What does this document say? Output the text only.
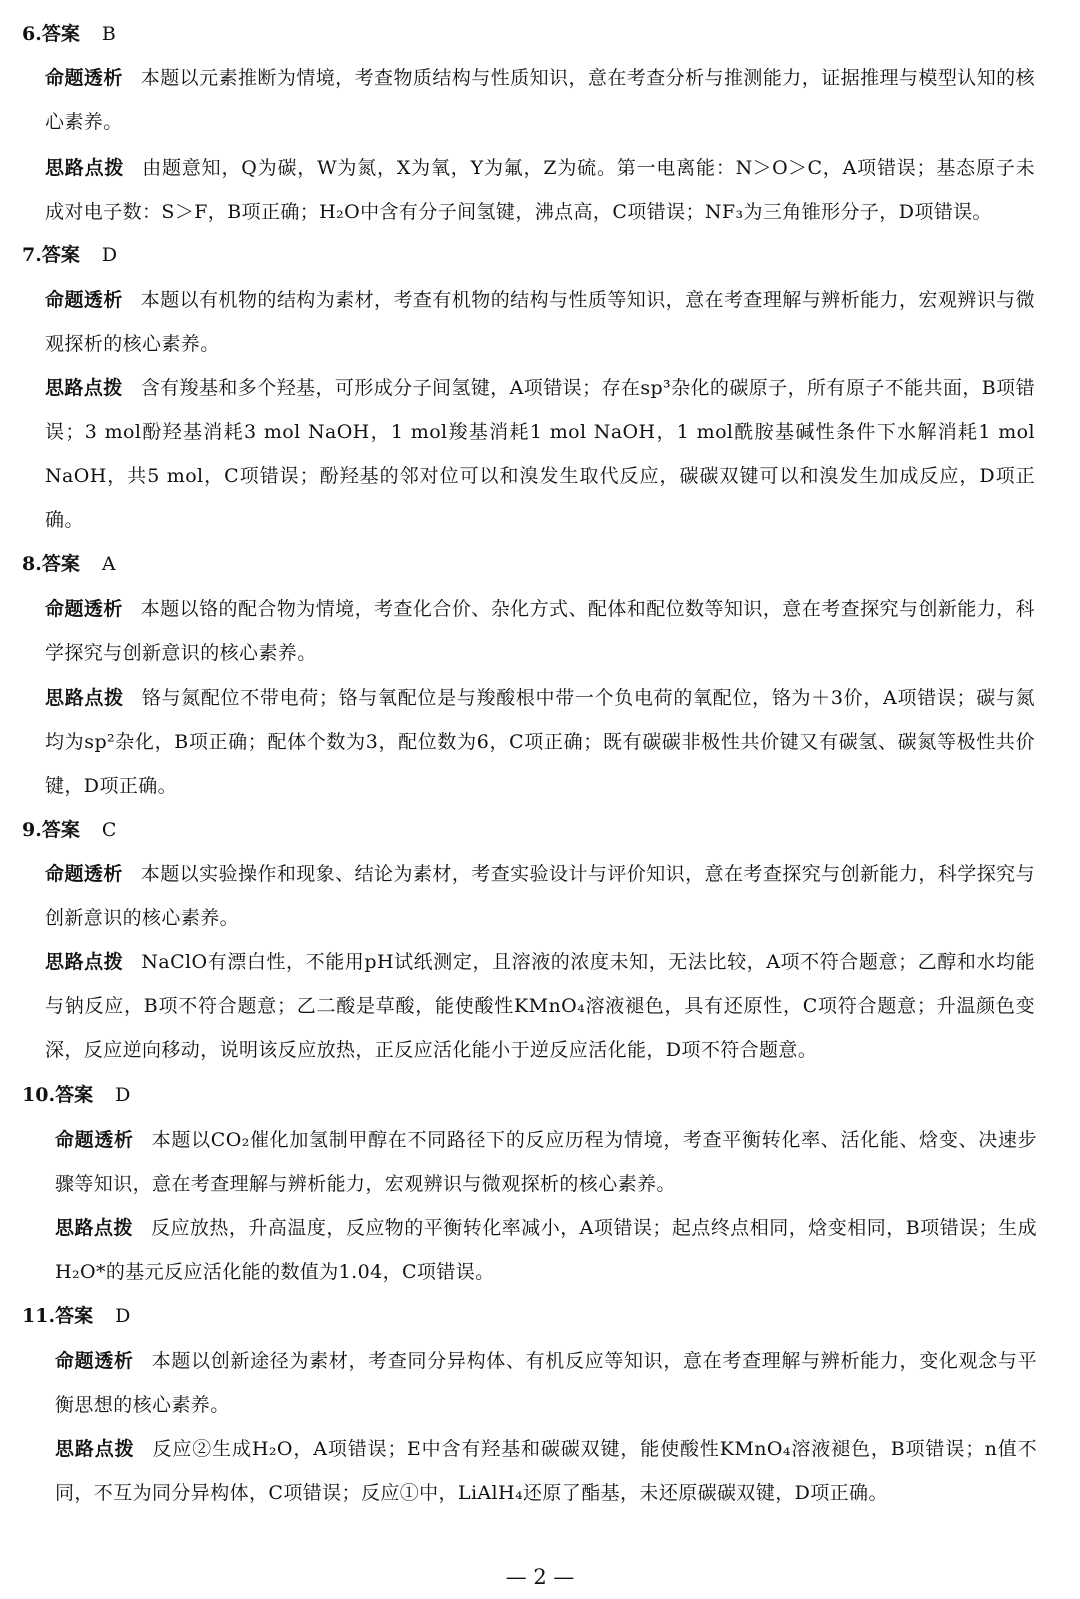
6.答案 B
命题透析 本题以元素推断为情境，考查物质结构与性质知识，意在考查分析与推测能力，证据推理与模型认知的核心素养。
思路点拨 由题意知，Q为碳，W为氮，X为氧，Y为氟，Z为硫。第一电离能：N＞O＞C，A项错误；基态原子未成对电子数：S＞F，B项正确；H₂O中含有分子间氢键，沸点高，C项错误；NF₃为三角锥形分子，D项错误。
7.答案 D
命题透析 本题以有机物的结构为素材，考查有机物的结构与性质等知识，意在考查理解与辨析能力，宏观辨识与微观探析的核心素养。
思路点拨 含有羧基和多个羟基，可形成分子间氢键，A项错误；存在sp³杂化的碳原子，所有原子不能共面，B项错误；3 mol酚羟基消耗3 mol NaOH，1 mol羧基消耗1 mol NaOH，1 mol酰胺基碱性条件下水解消耗1 mol NaOH，共5 mol，C项错误；酚羟基的邻对位可以和溴发生取代反应，碳碳双键可以和溴发生加成反应，D项正确。
8.答案 A
命题透析 本题以铬的配合物为情境，考查化合价、杂化方式、配体和配位数等知识，意在考查探究与创新能力，科学探究与创新意识的核心素养。
思路点拨 铬与氮配位不带电荷；铬与氧配位是与羧酸根中带一个负电荷的氧配位，铬为＋3价，A项错误；碳与氮均为sp²杂化，B项正确；配体个数为3，配位数为6，C项正确；既有碳碳非极性共价键又有碳氢、碳氮等极性共价键，D项正确。
9.答案 C
命题透析 本题以实验操作和现象、结论为素材，考查实验设计与评价知识，意在考查探究与创新能力，科学探究与创新意识的核心素养。
思路点拨 NaClO有漂白性，不能用pH试纸测定，且溶液的浓度未知，无法比较，A项不符合题意；乙醇和水均能与钠反应，B项不符合题意；乙二酸是草酸，能使酸性KMnO₄溶液褪色，具有还原性，C项符合题意；升温颜色变深，反应逆向移动，说明该反应放热，正反应活化能小于逆反应活化能，D项不符合题意。
10.答案 D
命题透析 本题以CO₂催化加氢制甲醇在不同路径下的反应历程为情境，考查平衡转化率、活化能、焓变、决速步骤等知识，意在考查理解与辨析能力，宏观辨识与微观探析的核心素养。
思路点拨 反应放热，升高温度，反应物的平衡转化率减小，A项错误；起点终点相同，焓变相同，B项错误；生成H₂O*的基元反应活化能的数值为1.04，C项错误。
11.答案 D
命题透析 本题以创新途径为素材，考查同分异构体、有机反应等知识，意在考查理解与辨析能力，变化观念与平衡思想的核心素养。
思路点拨 反应②生成H₂O，A项错误；E中含有羟基和碳碳双键，能使酸性KMnO₄溶液褪色，B项错误；n值不同，不互为同分异构体，C项错误；反应①中，LiAlH₄还原了酯基，未还原碳碳双键，D项正确。
— 2 —
